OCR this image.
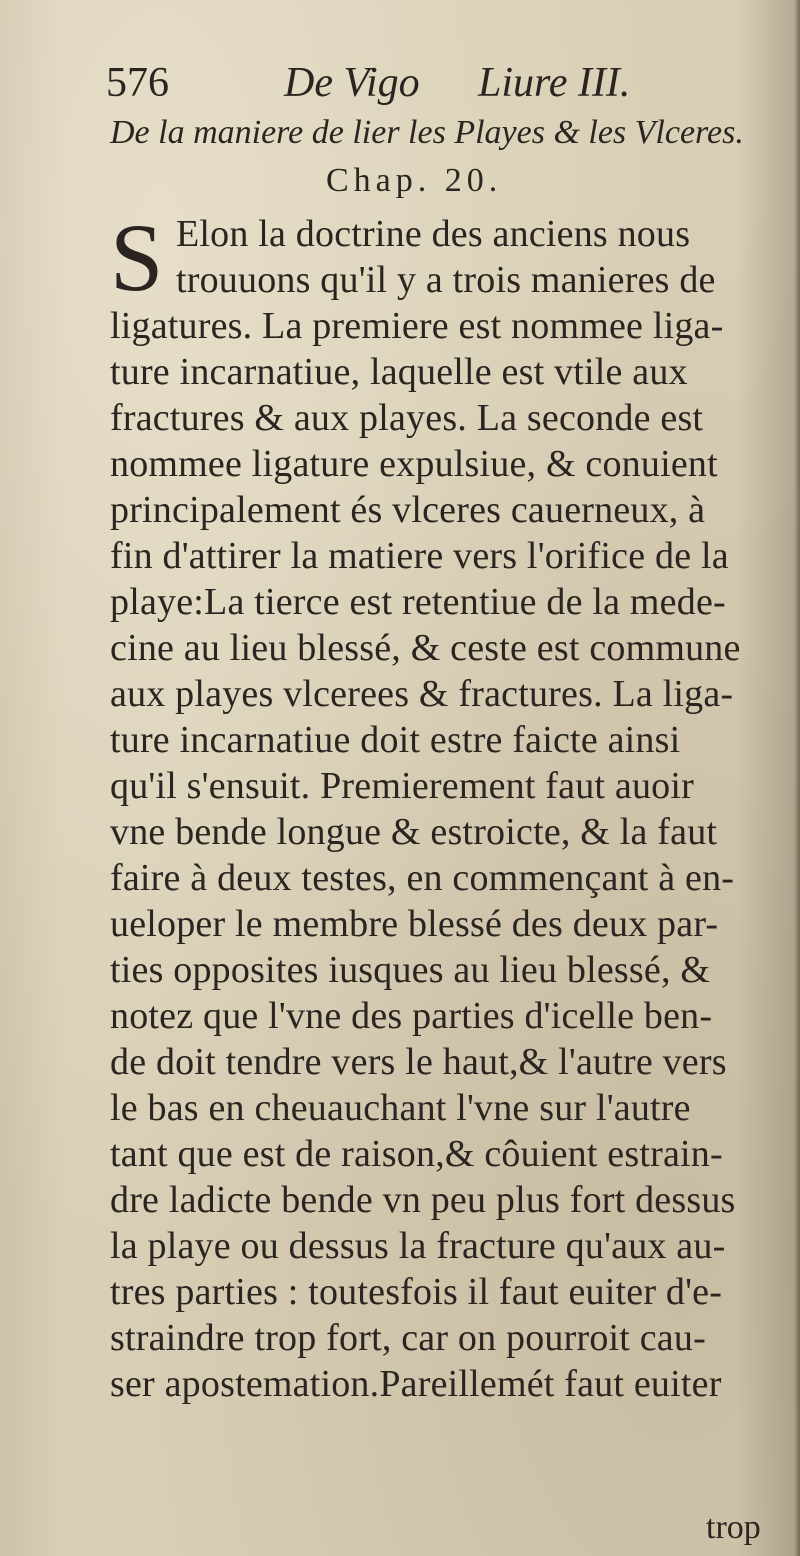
576	De Vigo Liure III.
De la maniere de lier les Playes & les Vlceres.
Chap. 20.
S Elon la doctrine des anciens nous
trouuons qu'il y a trois manieres de
ligatures. La premiere est nommee liga-
ture incarnatiue, laquelle est vtile aux
fractures & aux playes. La seconde est
nommee ligature expulsiue, & conuient
principalement és vlceres cauerneux, à
fin d'attirer la matiere vers l'orifice de la
playe:La tierce est retentiue de la mede-
cine au lieu blessé, & ceste est commune
aux playes vlcerees & fractures. La liga-
ture incarnatiue doit estre faicte ainsi
qu'il s'ensuit. Premierement faut auoir
vne bende longue & estroicte, & la faut
faire à deux testes, en commençant à en-
ueloper le membre blessé des deux par-
ties opposites iusques au lieu blessé, &
notez que l'vne des parties d'icelle ben-
de doit tendre vers le haut,& l'autre vers
le bas en cheuauchant l'vne sur l'autre
tant que est de raison,& côuient estrain-
dre ladicte bende vn peu plus fort dessus
la playe ou dessus la fracture qu'aux au-
tres parties : toutesfois il faut euiter d'e-
straindre trop fort, car on pourroit cau-
ser apostemation.Pareillemét faut euiter
trop
